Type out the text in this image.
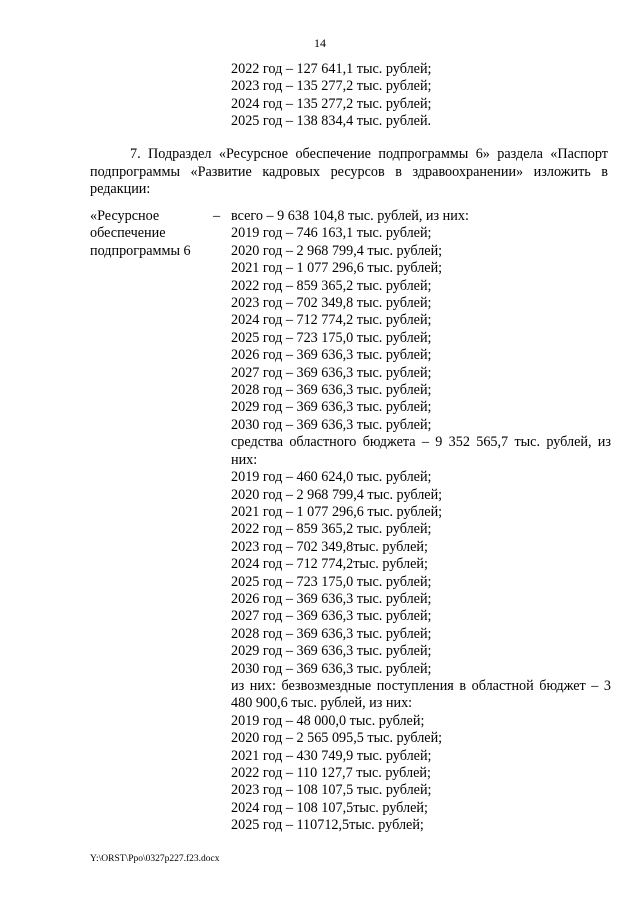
14
2022 год – 127 641,1 тыс. рублей;
2023 год – 135 277,2 тыс. рублей;
2024 год – 135 277,2 тыс. рублей;
2025 год – 138 834,4 тыс. рублей.
7. Подраздел «Ресурсное обеспечение подпрограммы 6» раздела «Паспорт подпрограммы «Развитие кадровых ресурсов в здравоохранении» изложить в редакции:
«Ресурсное
обеспечение
подпрограммы 6
– всего – 9 638 104,8 тыс. рублей, из них:
2019 год – 746 163,1 тыс. рублей;
2020 год – 2 968 799,4 тыс. рублей;
2021 год – 1 077 296,6 тыс. рублей;
2022 год – 859 365,2 тыс. рублей;
2023 год – 702 349,8 тыс. рублей;
2024 год – 712 774,2 тыс. рублей;
2025 год – 723 175,0 тыс. рублей;
2026 год – 369 636,3 тыс. рублей;
2027 год – 369 636,3 тыс. рублей;
2028 год – 369 636,3 тыс. рублей;
2029 год – 369 636,3 тыс. рублей;
2030 год – 369 636,3 тыс. рублей;
средства областного бюджета – 9 352 565,7 тыс. рублей, из них:
2019 год – 460 624,0 тыс. рублей;
2020 год – 2 968 799,4 тыс. рублей;
2021 год – 1 077 296,6 тыс. рублей;
2022 год – 859 365,2 тыс. рублей;
2023 год – 702 349,8тыс. рублей;
2024 год – 712 774,2тыс. рублей;
2025 год – 723 175,0 тыс. рублей;
2026 год – 369 636,3 тыс. рублей;
2027 год – 369 636,3 тыс. рублей;
2028 год – 369 636,3 тыс. рублей;
2029 год – 369 636,3 тыс. рублей;
2030 год – 369 636,3 тыс. рублей;
из них: безвозмездные поступления в областной бюджет – 3 480 900,6 тыс. рублей, из них:
2019 год – 48 000,0 тыс. рублей;
2020 год – 2 565 095,5 тыс. рублей;
2021 год – 430 749,9 тыс. рублей;
2022 год – 110 127,7 тыс. рублей;
2023 год – 108 107,5 тыс. рублей;
2024 год – 108 107,5тыс. рублей;
2025 год – 110712,5тыс. рублей;
Y:\ORST\Ppo\0327p227.f23.docx
